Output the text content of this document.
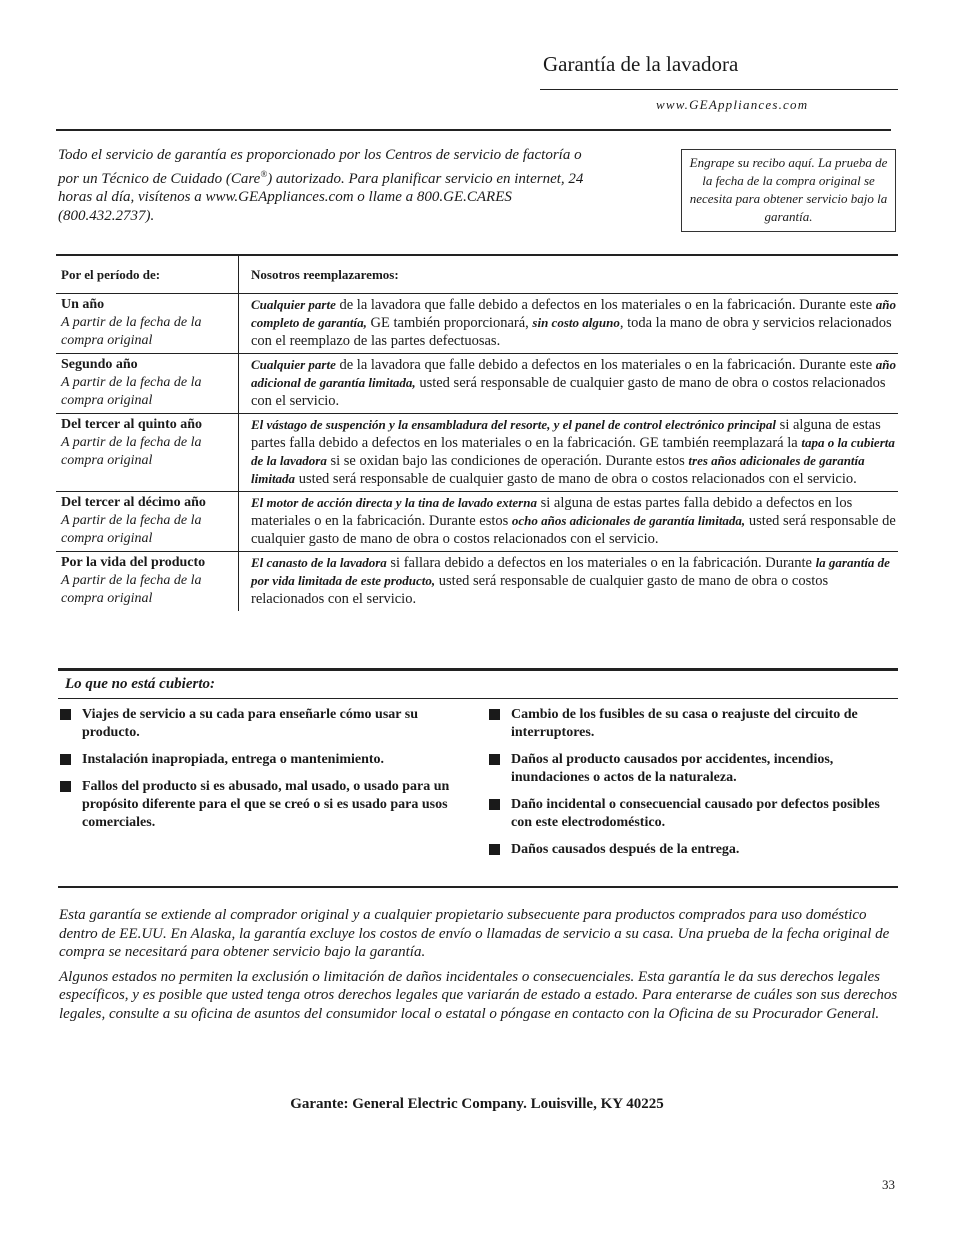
Garantía de la lavadora
www.GEAppliances.com
Todo el servicio de garantía es proporcionado por los Centros de servicio de factoría o por un Técnico de Cuidado (Care®) autorizado. Para planificar servicio en internet, 24 horas al día, visítenos a www.GEAppliances.com o llame a 800.GE.CARES (800.432.2737).
Engrape su recibo aquí. La prueba de la fecha de la compra original se necesita para obtener servicio bajo la garantía.
Por el período de:	Nosotros reemplazaremos:

Un año
A partir de la fecha de la compra original	Cualquier parte de la lavadora que falle debido a defectos en los materiales o en la fabricación. Durante este año completo de garantía, GE también proporcionará, sin costo alguno, toda la mano de obra y servicios relacionados con el reemplazo de las partes defectuosas.

Segundo año
A partir de la fecha de la compra original	Cualquier parte de la lavadora que falle debido a defectos en los materiales o en la fabricación. Durante este año adicional de garantía limitada, usted será responsable de cualquier gasto de mano de obra o costos relacionados con el servicio.

Del tercer al quinto año
A partir de la fecha de la compra original	El vástago de suspención y la ensambladura del resorte, y el panel de control electrónico principal si alguna de estas partes falla debido a defectos en los materiales o en la fabricación. GE también reemplazará la tapa o la cubierta de la lavadora si se oxidan bajo las condiciones de operación. Durante estos tres años adicionales de garantía limitada usted será responsable de cualquier gasto de mano de obra o costos relacionados con el servicio.

Del tercer al décimo año
A partir de la fecha de la compra original	El motor de acción directa y la tina de lavado externa si alguna de estas partes falla debido a defectos en los materiales o en la fabricación. Durante estos ocho años adicionales de garantía limitada, usted será responsable de cualquier gasto de mano de obra o costos relacionados con el servicio.

Por la vida del producto
A partir de la fecha de la compra original	El canasto de la lavadora si fallara debido a defectos en los materiales o en la fabricación. Durante la garantía de por vida limitada de este producto, usted será responsable de cualquier gasto de mano de obra o costos relacionados con el servicio.
Lo que no está cubierto:
Viajes de servicio a su cada para enseñarle cómo usar su producto.
Instalación inapropiada, entrega o mantenimiento.
Fallos del producto si es abusado, mal usado, o usado para un propósito diferente para el que se creó o si es usado para usos comerciales.
Cambio de los fusibles de su casa o reajuste del circuito de interruptores.
Daños al producto causados por accidentes, incendios, inundaciones o actos de la naturaleza.
Daño incidental o consecuencial causado por defectos posibles con este electrodoméstico.
Daños causados después de la entrega.

Esta garantía se extiende al comprador original y a cualquier propietario subsecuente para productos comprados para uso doméstico dentro de EE.UU. En Alaska, la garantía excluye los costos de envío o llamadas de servicio a su casa. Una prueba de la fecha original de compra se necesitará para obtener servicio bajo la garantía.

Algunos estados no permiten la exclusión o limitación de daños incidentales o consecuenciales. Esta garantía le da sus derechos legales específicos, y es posible que usted tenga otros derechos legales que variarán de estado a estado. Para enterarse de cuáles son sus derechos legales, consulte a su oficina de asuntos del consumidor local o estatal o póngase en contacto con la Oficina de su Procurador General.

Garante: General Electric Company. Louisville, KY 40225
33
